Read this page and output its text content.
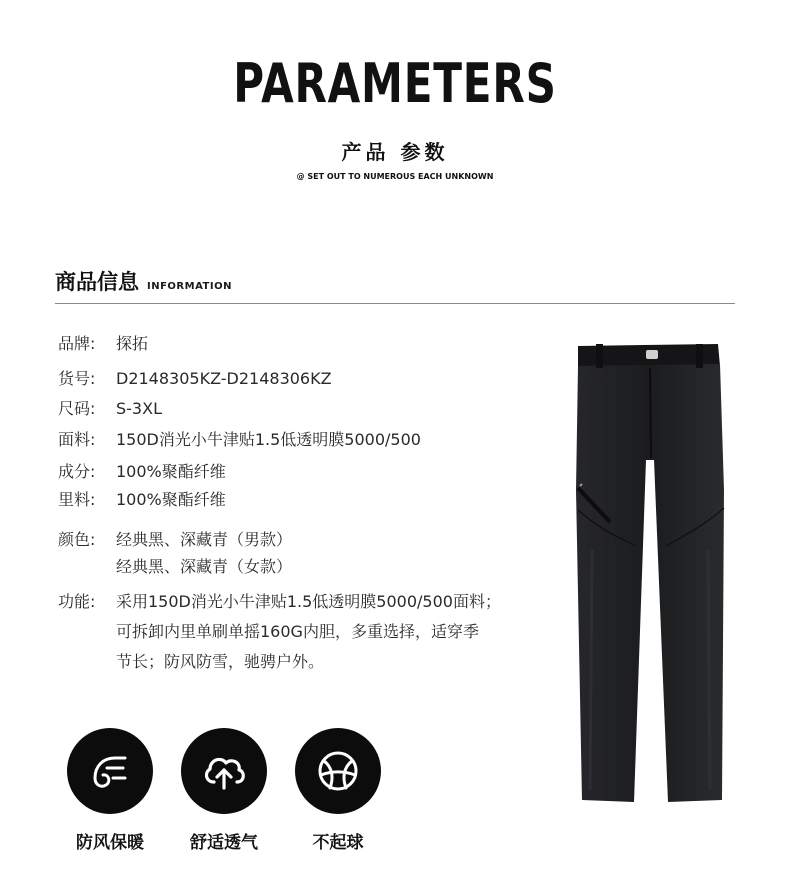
PARAMETERS
产品 参数
@ SET OUT TO NUMEROUS EACH UNKNOWN
商品信息 INFORMATION
品牌: 探拓
货号: D2148305KZ-D2148306KZ
尺码: S-3XL
面料: 150D消光小牛津贴1.5低透明膜5000/500
成分: 100%聚酯纤维
里料: 100%聚酯纤维
颜色:	经典黑、深藏青（男款）
经典黑、深藏青（女款）
功能:	采用150D消光小牛津贴1.5低透明膜5000/500面料；
可拆卸内里单刷单摇160G内胆，多重选择，适穿季
节长；防风防雪，驰骋户外。
防风保暖	舒适透气	不起球
